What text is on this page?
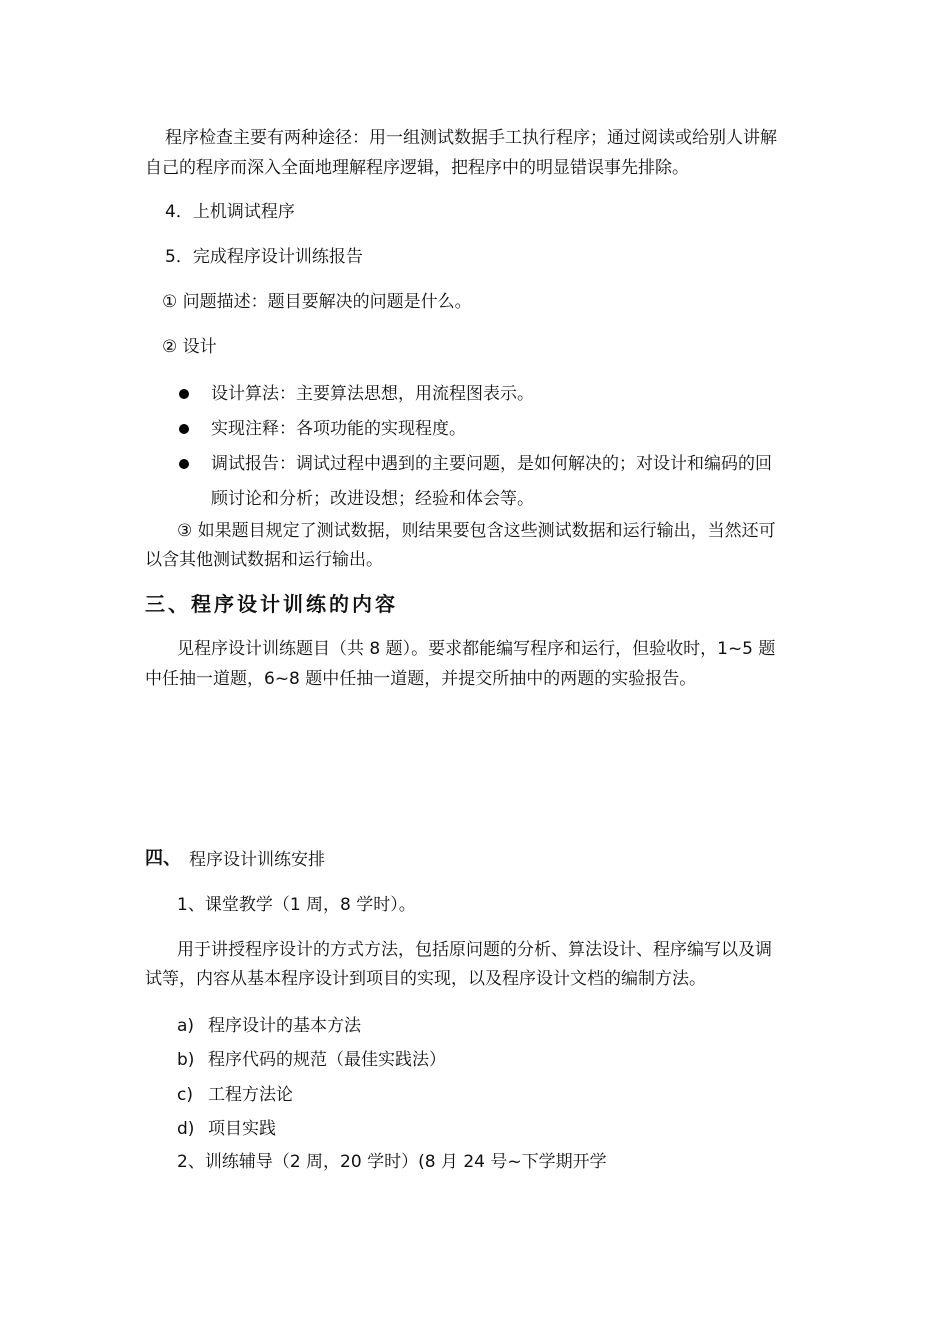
程序检查主要有两种途径：用一组测试数据手工执行程序；通过阅读或给别人讲解
自己的程序而深入全面地理解程序逻辑，把程序中的明显错误事先排除。
4．上机调试程序
5．完成程序设计训练报告
① 问题描述：题目要解决的问题是什么。
② 设计
设计算法：主要算法思想，用流程图表示。
实现注释：各项功能的实现程度。
调试报告：调试过程中遇到的主要问题，是如何解决的；对设计和编码的回
顾讨论和分析；改进设想；经验和体会等。
③ 如果题目规定了测试数据，则结果要包含这些测试数据和运行输出，当然还可
以含其他测试数据和运行输出。
三、程序设计训练的内容
见程序设计训练题目（共 8 题）。要求都能编写程序和运行，但验收时，1~5 题
中任抽一道题，6~8 题中任抽一道题，并提交所抽中的两题的实验报告。
四、 程序设计训练安排
1、课堂教学（1 周，8 学时）。
用于讲授程序设计的方式方法，包括原问题的分析、算法设计、程序编写以及调
试等，内容从基本程序设计到项目的实现，以及程序设计文档的编制方法。
a) 程序设计的基本方法
b) 程序代码的规范（最佳实践法）
c) 工程方法论
d) 项目实践
2、训练辅导（2 周，20 学时）(8 月 24 号~下学期开学
